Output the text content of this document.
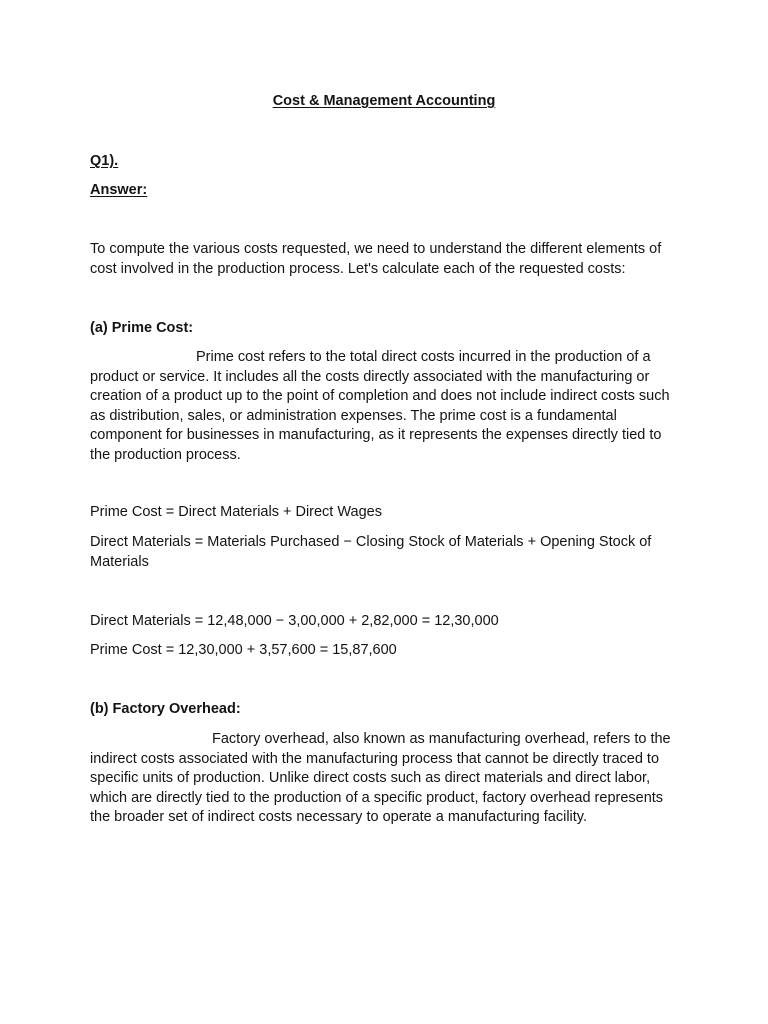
Cost & Management Accounting
Q1).
Answer:
To compute the various costs requested, we need to understand the different elements of cost involved in the production process. Let's calculate each of the requested costs:
(a) Prime Cost:
Prime cost refers to the total direct costs incurred in the production of a product or service. It includes all the costs directly associated with the manufacturing or creation of a product up to the point of completion and does not include indirect costs such as distribution, sales, or administration expenses. The prime cost is a fundamental component for businesses in manufacturing, as it represents the expenses directly tied to the production process.
Prime Cost = Direct Materials + Direct Wages
Direct Materials = Materials Purchased − Closing Stock of Materials + Opening Stock of Materials
Direct Materials = 12,48,000 − 3,00,000 + 2,82,000 = 12,30,000
Prime Cost = 12,30,000 + 3,57,600 = 15,87,600
(b) Factory Overhead:
Factory overhead, also known as manufacturing overhead, refers to the indirect costs associated with the manufacturing process that cannot be directly traced to specific units of production. Unlike direct costs such as direct materials and direct labor, which are directly tied to the production of a specific product, factory overhead represents the broader set of indirect costs necessary to operate a manufacturing facility.
